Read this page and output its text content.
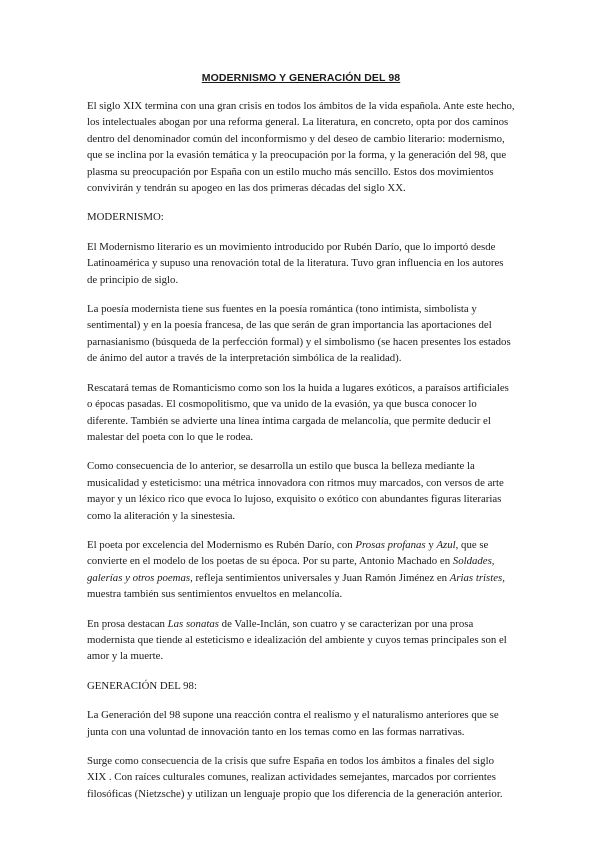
MODERNISMO Y GENERACIÓN DEL 98

El siglo XIX termina con una gran crisis en todos los ámbitos de la vida española. Ante este hecho, los intelectuales abogan por una reforma general. La literatura, en concreto, opta por dos caminos dentro del denominador común del inconformismo y del deseo de cambio literario: modernismo, que se inclina por la evasión temática y la preocupación por la forma, y la generación del 98, que plasma su preocupación por España con un estilo mucho más sencillo. Estos dos movimientos convivirán y tendrán su apogeo en las dos primeras décadas del siglo XX.

MODERNISMO:

El Modernismo literario es un movimiento introducido por Rubén Darío, que lo importó desde Latinoamérica y supuso una renovación total de la literatura. Tuvo gran influencia en los autores de principio de siglo.

La poesía modernista tiene sus fuentes en la poesía romántica (tono intimista, simbolista y sentimental) y en la poesía francesa, de las que serán de gran importancia las aportaciones del parnasianismo (búsqueda de la perfección formal) y el simbolismo (se hacen presentes los estados de ánimo del autor a través de la interpretación simbólica de la realidad).

Rescatará temas de Romanticismo como son los la huida a lugares exóticos, a paraísos artificiales o épocas pasadas. El cosmopolitismo, que va unido de la evasión, ya que busca conocer lo diferente. También se advierte una línea íntima cargada de melancolía, que permite deducir el malestar del poeta con lo que le rodea.

Como consecuencia de lo anterior, se desarrolla un estilo que busca la belleza mediante la musicalidad y esteticismo: una métrica innovadora con ritmos muy marcados, con versos de arte mayor y un léxico rico que evoca lo lujoso, exquisito o exótico con abundantes figuras literarias como la aliteración y la sinestesia.

El poeta por excelencia del Modernismo es Rubén Darío, con Prosas profanas y Azul, que se convierte en el modelo de los poetas de su época. Por su parte, Antonio Machado en Soldades, galerías y otros poemas, refleja sentimientos universales y Juan Ramón Jiménez en Arias tristes, muestra también sus sentimientos envueltos en melancolía.

En prosa destacan Las sonatas de Valle-Inclán, son cuatro y se caracterizan por una prosa modernista que tiende al esteticismo e idealización del ambiente y cuyos temas principales son el amor y la muerte.

GENERACIÓN DEL 98:

La Generación del 98 supone una reacción contra el realismo y el naturalismo anteriores que se junta con una voluntad de innovación tanto en los temas como en las formas narrativas.

Surge como consecuencia de la crisis que sufre España en todos los ámbitos a finales del siglo XIX . Con raíces culturales comunes, realizan actividades semejantes, marcados por corrientes filosóficas (Nietzsche) y utilizan un lenguaje propio que los diferencia de la generación anterior.
